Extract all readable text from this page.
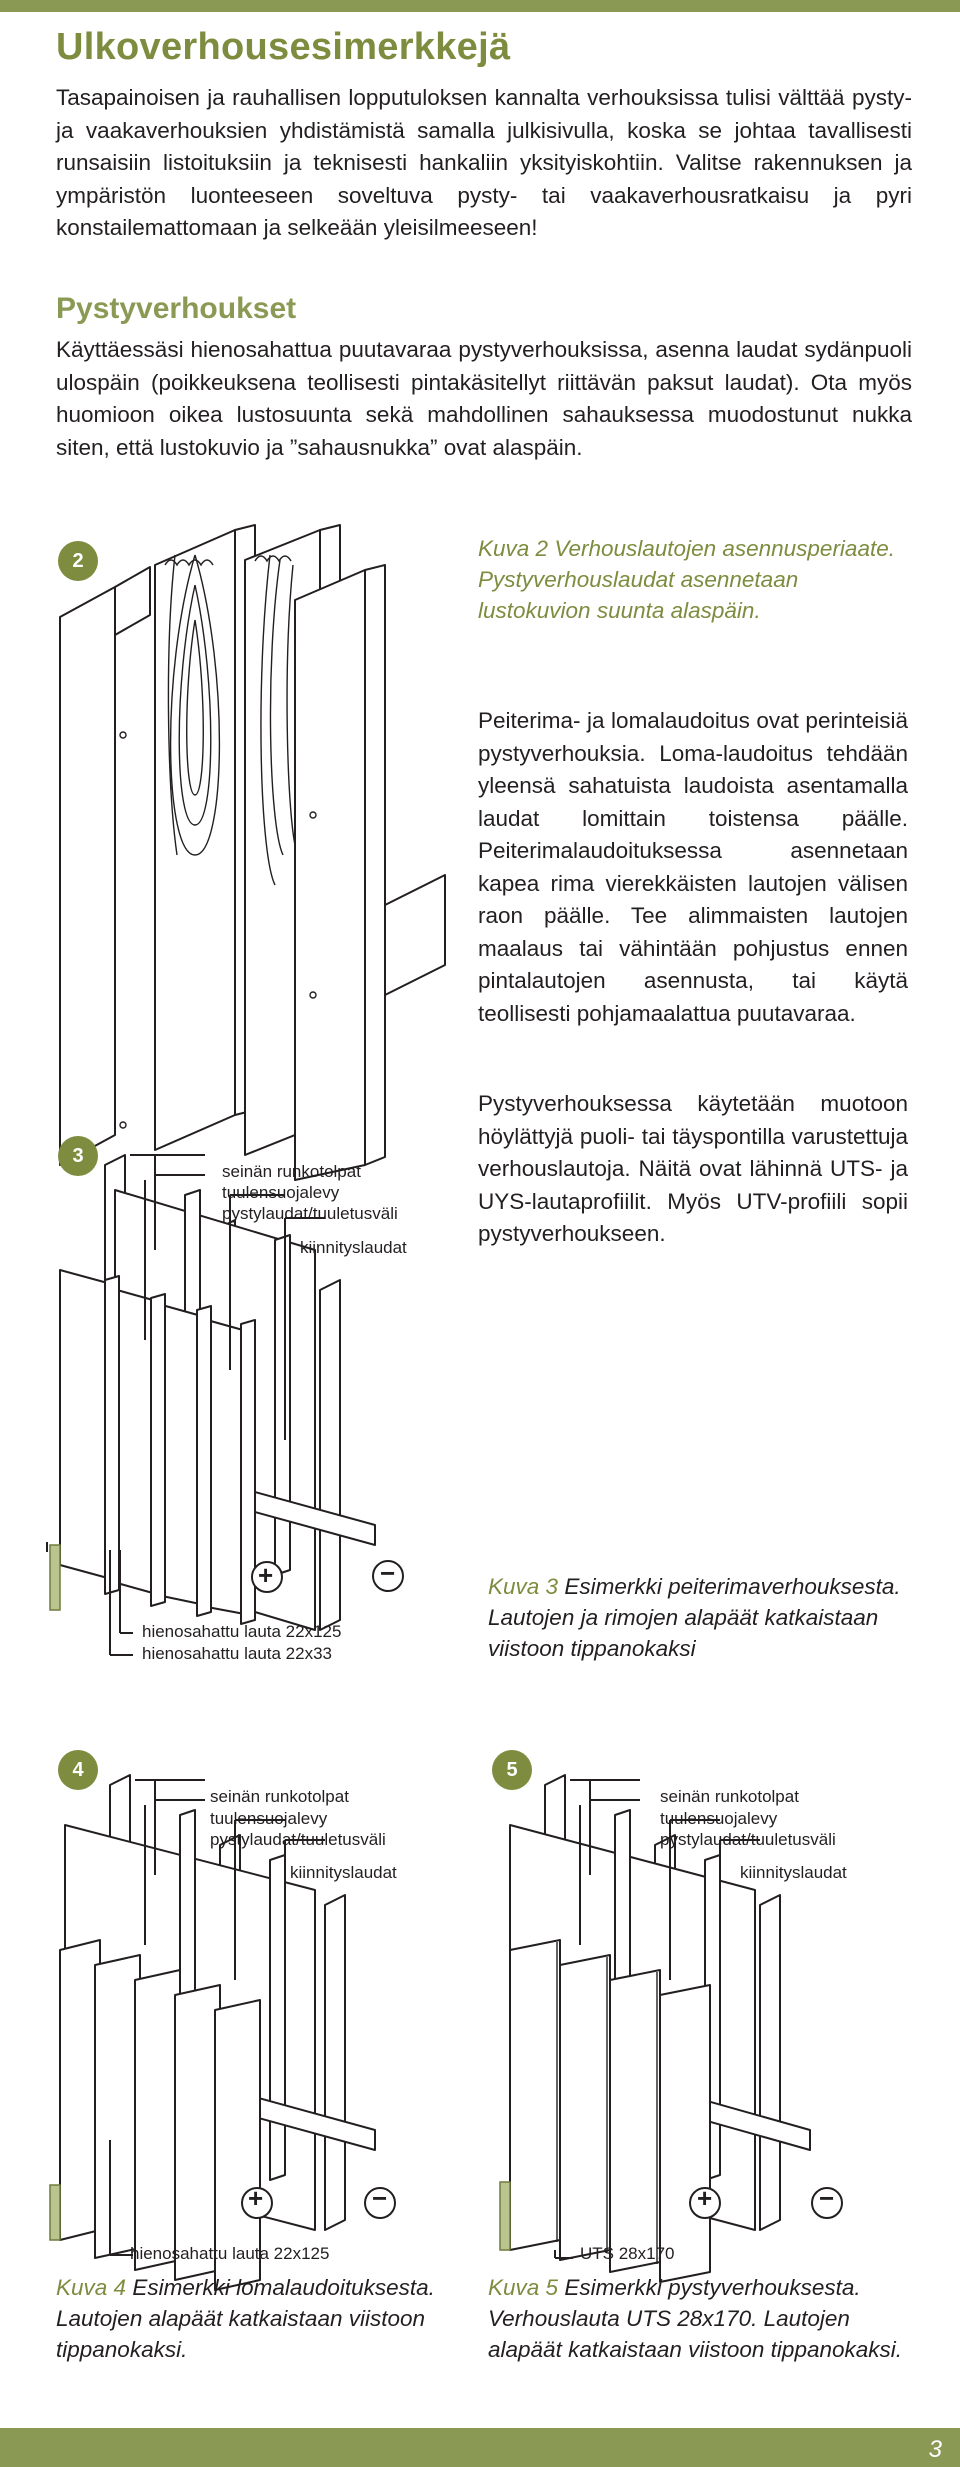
Ulkoverhousesimerkkejä

Tasapainoisen ja rauhallisen lopputuloksen kannalta verhouksissa tulisi välttää pysty- ja vaakaverhouksien yhdistämistä samalla julkisivulla, koska se johtaa tavallisesti runsaisiin listoituksiin ja teknisesti hankaliin yksityiskohtiin. Valitse rakennuksen ja ympäristön luonteeseen soveltuva pysty- tai vaakaverhousratkaisu ja pyri konstailemattomaan ja selkeään yleisilmeeseen!

Pystyverhoukset

Käyttäessäsi hienosahattua puutavaraa pystyverhouksissa, asenna laudat sydänpuoli ulospäin (poikkeuksena teollisesti pintakäsitellyt riittävän paksut laudat). Ota myös huomioon oikea lustosuunta sekä mahdollinen sahauksessa muodostunut nukka siten, että lustokuvio ja ”sahausnukka” ovat alaspäin.

2	Kuva 2 Verhouslautojen asennusperiaate. Pystyverhouslaudat asennetaan lustokuvion suunta alaspäin.

Peiterima- ja lomalaudoitus ovat perinteisiä pystyverhouksia. Loma-laudoitus tehdään yleensä sahatuista laudoista asentamalla laudat lomittain toistensa päälle. Peiterimalaudoituksessa asennetaan kapea rima vierekkäisten lautojen välisen raon päälle. Tee alimmaisten lautojen maalaus tai vähintään pohjustus ennen pintalautojen asennusta, tai käytä teollisesti pohjamaalattua puutavaraa.

Pystyverhouksessa käytetään muotoon höylättyjä puoli- tai täyspontilla varustettuja verhouslautoja. Näitä ovat lähinnä UTS- ja UYS-lautaprofiilit. Myös UTV-profiili sopii pystyverhoukseen.

3
seinän runkotolpat
tuulensuojalevy
pystylaudat/tuuletusväli
kiinnityslaudat
hienosahattu lauta 22x125
hienosahattu lauta 22x33
+	−	Kuva 3 Esimerkki peiterimaverhouksesta. Lautojen ja rimojen alapäät katkaistaan viistoon tippanokaksi

4
seinän runkotolpat
tuulensuojalevy
pystylaudat/tuuletusväli
kiinnityslaudat
hienosahattu lauta 22x125
+	−

Kuva 4 Esimerkki lomalaudoituksesta. Lautojen alapäät katkaistaan viistoon tippanokaksi.

5
seinän runkotolpat
tuulensuojalevy
pystylaudat/tuuletusväli
kiinnityslaudat
UTS 28x170
+	−

Kuva 5 Esimerkki pystyverhouksesta. Verhouslauta UTS 28x170. Lautojen alapäät katkaistaan viistoon tippanokaksi.

3
